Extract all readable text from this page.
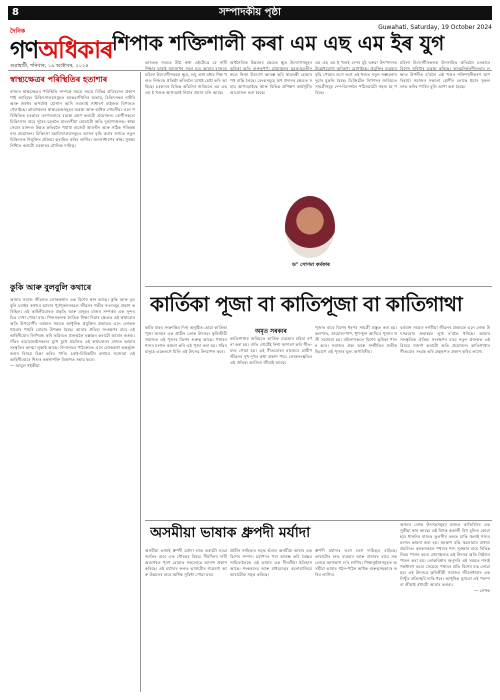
8	সম্পাদকীয় পৃষ্ঠা
Guwahati, Saturday, 19 October 2024
দৈনিক
গণঅধিকাৰ
গুৱাহাটী, শনিবাৰ, ১৯ অক্টোবৰ, ২০২৪
শিপাক শক্তিশালী কৰা এম এছ এম ইৰ যুগ
স্বাস্থ্যক্ষেত্ৰৰ পৰিস্থিতিৰ হতাশাৰ
ৰাজ্যৰ স্বাস্থ্যক্ষেত্ৰৰ পৰিস্থিতি সম্পৰ্কে সময়ে সময়ে বিভিন্ন প্ৰতিবেদন প্ৰকাশ পাই আহিছে। চিকিৎসালয়সমূহত আন্তঃগাঁথনিৰ অভাৱ, চিকিৎসকৰ নাটনি আৰু ঔষধৰ অপৰ্যাপ্ত যোগান আদি সমস্যাই সাধাৰণ ৰাইজক বিপাঙত পেলাইছে। গ্ৰাম্যাঞ্চলৰ স্বাস্থ্যকেন্দ্ৰসমূহৰ অৱস্থা আৰু অধিক শোচনীয়। এনে পৰিস্থিতিত চৰকাৰে তৎপৰতাৰে ব্যৱস্থা গ্ৰহণ কৰাটো প্ৰয়োজন। ৰোগীসকলে চিকিৎসাৰ বাবে দূৰৈৰ চহৰলৈ যাবলগীয়া হোৱাটো অতি দুৰ্ভাগ্যজনক। স্বাস্থ্যসেৱাৰ মানদণ্ড উন্নত কৰিবলৈ পৰ্যাপ্ত বাজেট আবণ্টন আৰু সঠিক পৰিকল্পনাৰ প্ৰয়োজন। চিকিৎসা মহাবিদ্যালয়সমূহত আসন বৃদ্ধি কৰাৰ লগতে নতুন চিকিৎসক নিযুক্তিৰ প্ৰক্ৰিয়া ত্বৰান্বিত কৰিব লাগিব। জনসাধাৰণৰ স্বাস্থ্য সুৰক্ষা নিশ্চিত কৰাটো চৰকাৰৰ মৌলিক দায়িত্ব।
কুকি আৰু বুলবুলি কথাৰে
আমাৰ সমাজ জীৱনত লোককথাৰ এক বিশেষ স্থান আছে। কুকি আৰু বুলবুলি চৰাইৰ কথাৰে আমাৰ পূৰ্বপুৰুষসকলে জীৱনৰ গভীৰ সত্যসমূহ প্ৰকাশ কৰিছিল। এই কাহিনীবোৰত প্ৰকৃতি আৰু মানুহৰ মাজৰ সম্পৰ্কৰ এক সুন্দৰ চিত্ৰ দেখা পোৱা যায়। শিশুসকলক নৈতিক শিক্ষা দিয়াৰ ক্ষেত্ৰত এই কথাবোৰ অতি উপযোগী। বৰ্তমান সময়ত আধুনিক প্ৰযুক্তিৰ প্ৰভাৱত এনে লোককথাবোৰ পাহৰি যোৱাৰ উপক্ৰম হৈছে। আমাৰ ঐতিহ্য সংৰক্ষণৰ বাবে এই কাহিনীবোৰ লিপিবদ্ধ কৰি ভৱিষ্যত প্ৰজন্মলৈ হস্তান্তৰ কৰাটো আমাৰ কৰ্তব্য। গাঁৱৰ বয়োজ্যেষ্ঠসকলৰ মুখে মুখে প্ৰচলিত এই কথাবোৰৰ মাজত আমাৰ সংস্কৃতিৰ আত্মা লুকাই আছে। বিদ্যালয়ৰ পাঠ্যক্ৰমত এনে লোককথা অন্তৰ্ভুক্ত কৰাৰ বিষয়ে চিন্তা কৰিব পাৰি। চৰাই-চিৰিকটিৰ কথাৰে সজোৱা এই কাহিনীবোৰে শিশুৰ কল্পনাশক্তি বিকাশত সহায় কৰে।
— আমুল শইকীয়া
ভাৰতত সততে উঠা কথা এইটোৱে যে নাৰী শিক্ষাৰ দ্বাৰাই সমাজখন সবল হয়। আমাৰ ৰাজ্যত মহিলা উদ্যোগীসকলে ক্ষুদ্ৰ, লঘু তথা মধ্যম শিল্প খণ্ডত নিজকে প্ৰতিষ্ঠা কৰিবলৈ যথেষ্ট চেষ্টা কৰি আহিছে। চৰকাৰৰ বিভিন্ন আঁচনিৰ জৰিয়তে এম এছ এম ই খণ্ডক আগবঢ়াই নিয়াৰ প্ৰয়াস চলি আছে।
অৰ্থনৈতিক উন্নয়নৰ ক্ষেত্ৰত ক্ষুদ্ৰ উদ্যোগসমূহৰ ভূমিকা অতি গুৰুত্বপূৰ্ণ। গ্ৰামাঞ্চলৰ যুৱক-যুৱতীসকলে নিজা উদ্যোগ আৰম্ভ কৰি স্বাৱলম্বী হোৱাৰ পথ বাছি লৈছে। বেংকসমূহে ঋণ প্ৰদানৰ ক্ষেত্ৰত সহায় আগবঢ়াইছে আৰু বিভিন্ন প্ৰশিক্ষণ কাৰ্যসূচীৰ আয়োজন কৰা হৈছে।
এম এছ এম ই খণ্ডই দেশৰ মুঠ ঘৰুৱা উৎপাদনত উল্লেখযোগ্য অৰিহণা যোগাইছে। প্ৰযুক্তিৰ ব্যৱহাৰ বৃদ্ধি পোৱাৰ লগে লগে এই খণ্ডত নতুন সম্ভাৱনাৰ দুৱাৰ মুকলি হৈছে। ডিজিটেল বিপণনৰ জৰিয়তে সামগ্ৰীসমূহ দেশ-বিদেশলৈ পঠিওৱাটো সহজ হৈ পৰিছে।
মহিলা উদ্যোগীসকলক উৎসাহিত কৰিবলৈ চৰকাৰে বিশেষ সুবিধাৰ ব্যৱস্থা কৰিছে। আত্মনিৰ্ভৰশীলতাৰ লক্ষ্যত উপনীত হ'বলৈ এই খণ্ডৰ শক্তিশালীকৰণ অপৰিহাৰ্য। সমাজৰ সকলো শ্ৰেণীৰ লোকে ইয়াৰ সুফল লাভ কৰিব পাৰিব বুলি আশা কৰা হৈছে।
ড° সোণমা কৰ্মকাৰ
কাৰ্তিকা পূজা বা কাতিপূজা বা কাতিগাথা
অমৃত সৰকাৰ
কাতি মাহৰ সংক্ৰান্তিৰ দিনা অনুষ্ঠিত হোৱা কাৰ্তিকা পূজা অসমৰ এক প্ৰাচীন লোক উৎসৱ। কৃষিজীৱী সমাজত এই পূজাৰ বিশেষ গুৰুত্ব আছে। পথাৰৰ শস্যৰ মংগল কামনা কৰি এই পূজা কৰা হয়। গাঁৱৰ মানুহে একেলগে মিলি এই উৎসৱ উদযাপন কৰে।
কাতিগাথাৰ জৰিয়তে কাৰ্তিক দেৱতাৰ মহিমা বৰ্ণনা কৰা হয়। ৰাতি গোটেই নিশা জাগৰণ কৰি গীত-মাত গোৱা হয়। এই গীতবোৰৰ মাজেৰে গ্ৰামীণ জীৱনৰ সুখ-দুখৰ কথা প্ৰকাশ পায়। লোকসংস্কৃতিৰ এই ঐতিহ্য আজিও জীয়াই আছে।
পূজাৰ বাবে বিশেষ ধৰণৰ সামগ্ৰী প্ৰস্তুত কৰা হয়। কলপাত, তামোল-পাণ, ধূপ-ধুনা আদিৰে পূজাৰ থলী সজোৱা হয়। মহিলাসকলে বিশেষ ভূমিকা পালন কৰে। সমাজৰ ঐক্য আৰু সম্প্ৰীতিৰ প্ৰতীক হিচাপে এই পূজাৰ মূল্য অপৰিসীম।
বৰ্তমান সময়ত নগৰীয়া জীৱনৰ প্ৰভাৱত এনে লোক উৎসৱবোৰ ক্ৰমান্বয়ে লুপ্ত হ'বলৈ ধৰিছে। আমাৰ সাংস্কৃতিক ঐতিহ্য সংৰক্ষণৰ বাবে নতুন প্ৰজন্মক এই বিষয়ে সজাগ কৰাটো অতি প্ৰয়োজন। কাতিগাথাৰ গীতবোৰ সংগ্ৰহ কৰি গ্ৰন্থৰূপত প্ৰকাশ কৰিব লাগে।
অসমীয়া ভাষাক ধ্ৰুপদী মৰ্যাদা
অসমীয়া ভাষাই ধ্ৰুপদী মৰ্যাদা লাভ কৰাটো সমগ্ৰ জাতিৰ বাবে এক গৌৰৱৰ বিষয়। দীৰ্ঘদিনৰ দাবী অৱশেষত পূৰণ হোৱাত সকলোৱে আনন্দ প্ৰকাশ কৰিছে। এই মৰ্যাদাৰ ফলত ভাষাটোৰ গৱেষণা আৰু উন্নয়নৰ বাবে অধিক সুবিধা পোৱা যাব।
প্ৰাচীন সাহিত্যৰ সমৃদ্ধ ভঁৰাল অসমীয়া ভাষাৰ এক বিশেষ সম্পদ। চৰ্যাপদৰ পৰা আৰম্ভ কৰি বৈষ্ণৱ সাহিত্যলৈকে এই ভাষাৰ এক দীঘলীয়া ইতিহাস আছে। শংকৰদেৱ আৰু মাধৱদেৱৰ ৰচনাৰাজিয়ে ভাষাটোক সমৃদ্ধ কৰিছে।
ধ্ৰুপদী মৰ্যাদাৰ লগে লগে দায়িত্বও বাঢ়িছে। ভাষাটোৰ শুদ্ধ ব্যৱহাৰ আৰু প্ৰসাৰৰ বাবে সকলোৱে আগভাগ ল'ব লাগিব। শিক্ষানুষ্ঠানসমূহত অসমীয়া ভাষাৰ পঠন-পাঠন অধিক গুৰুত্বসহকাৰে কৰিব লাগিব।
অসমৰ লোক উৎসৱসমূহৰ মাজত কাতিবিহুৰ এক সুকীয়া স্থান আছে। এই বিহুক কঙালী বিহু বুলিও কোৱা হয়। ধাননিৰ মাজত তুলসীৰ তলত চাকি জ্বলাই শস্যৰ মংগল কামনা কৰা হয়। আকাশ বন্তি জ্বলোৱাৰ প্ৰথাও প্ৰচলিত। কৃষকসকলে পথাৰৰ শস্য সুৰক্ষাৰ বাবে বিভিন্ন নিয়ম পালন কৰে। গ্ৰামাঞ্চলত এই উৎসৱ অতি নিষ্ঠাৰে পালন কৰা হয়। লোকবিশ্বাস অনুসৰি এই সময়ত শস্যই গৰ্ভধাৰণ কৰে। সেয়েহে পথাৰৰ প্ৰতি বিশেষ যত্ন লোৱা হয়। এই উৎসৱে কৃষিজীৱী সমাজৰ জীৱনধাৰাৰ এক নিখুঁত প্ৰতিচ্ছবি দাঙি ধৰে। আধুনিক যুগতো এই পৰম্পৰা জীয়াই ৰখাটো আমাৰ কৰ্তব্য।
— লেখক
